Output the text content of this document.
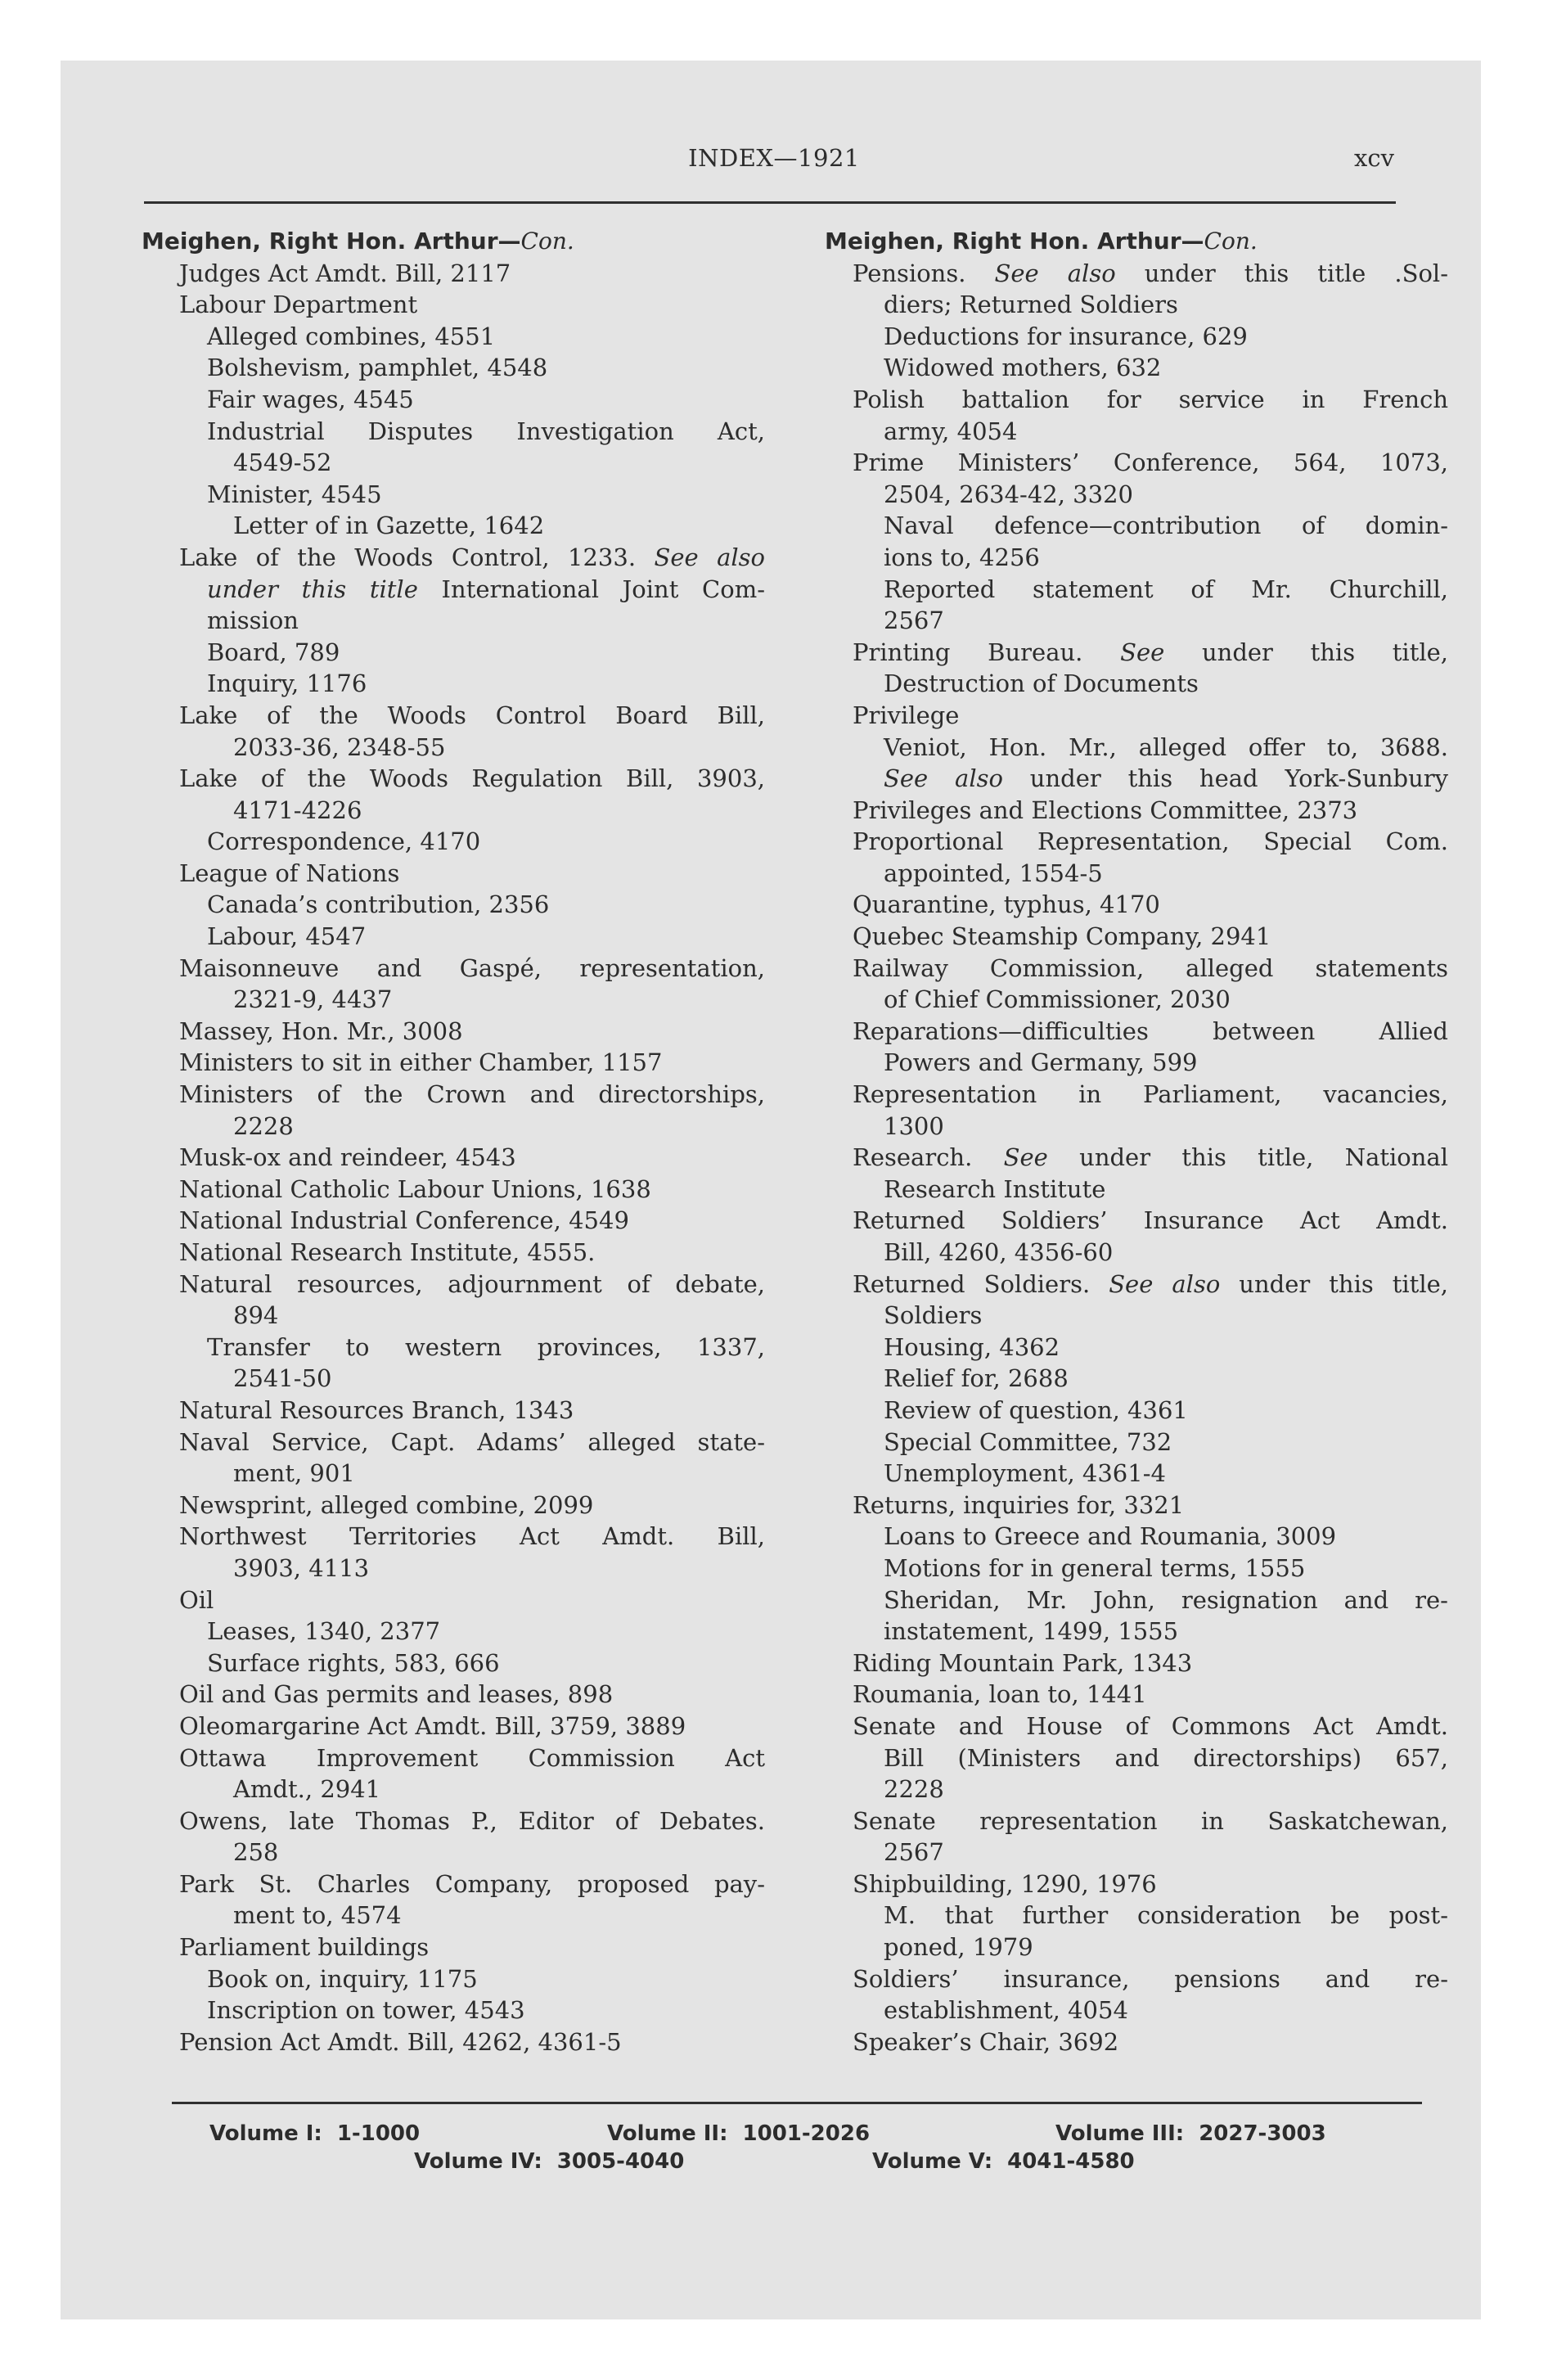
INDEX—1921	xcv
Meighen, Right Hon. Arthur—Con.
Judges Act Amdt. Bill, 2117
Labour Department
Alleged combines, 4551
Bolshevism, pamphlet, 4548
Fair wages, 4545
Industrial Disputes Investigation Act,
4549-52
Minister, 4545
Letter of in Gazette, 1642
Lake of the Woods Control, 1233. See also
under this title International Joint Com-
mission
Board, 789
Inquiry, 1176
Lake of the Woods Control Board Bill,
2033-36, 2348-55
Lake of the Woods Regulation Bill, 3903,
4171-4226
Correspondence, 4170
League of Nations
Canada’s contribution, 2356
Labour, 4547
Maisonneuve and Gaspé, representation,
2321-9, 4437
Massey, Hon. Mr., 3008
Ministers to sit in either Chamber, 1157
Ministers of the Crown and directorships,
2228
Musk-ox and reindeer, 4543
National Catholic Labour Unions, 1638
National Industrial Conference, 4549
National Research Institute, 4555.
Natural resources, adjournment of debate,
894
Transfer to western provinces, 1337,
2541-50
Natural Resources Branch, 1343
Naval Service, Capt. Adams’ alleged state-
ment, 901
Newsprint, alleged combine, 2099
Northwest Territories Act Amdt. Bill,
3903, 4113
Oil
Leases, 1340, 2377
Surface rights, 583, 666
Oil and Gas permits and leases, 898
Oleomargarine Act Amdt. Bill, 3759, 3889
Ottawa Improvement Commission Act
Amdt., 2941
Owens, late Thomas P., Editor of Debates.
258
Park St. Charles Company, proposed pay-
ment to, 4574
Parliament buildings
Book on, inquiry, 1175
Inscription on tower, 4543
Pension Act Amdt. Bill, 4262, 4361-5
Meighen, Right Hon. Arthur—Con.
Pensions. See also under this title .Sol-
diers; Returned Soldiers
Deductions for insurance, 629
Widowed mothers, 632
Polish battalion for service in French
army, 4054
Prime Ministers’ Conference, 564, 1073,
2504, 2634-42, 3320
Naval defence—contribution of domin-
ions to, 4256
Reported statement of Mr. Churchill,
2567
Printing Bureau. See under this title,
Destruction of Documents
Privilege
Veniot, Hon. Mr., alleged offer to, 3688.
See also under this head York-Sunbury
Privileges and Elections Committee, 2373
Proportional Representation, Special Com.
appointed, 1554-5
Quarantine, typhus, 4170
Quebec Steamship Company, 2941
Railway Commission, alleged statements
of Chief Commissioner, 2030
Reparations—difficulties between Allied
Powers and Germany, 599
Representation in Parliament, vacancies,
1300
Research. See under this title, National
Research Institute
Returned Soldiers’ Insurance Act Amdt.
Bill, 4260, 4356-60
Returned Soldiers. See also under this title,
Soldiers
Housing, 4362
Relief for, 2688
Review of question, 4361
Special Committee, 732
Unemployment, 4361-4
Returns, inquiries for, 3321
Loans to Greece and Roumania, 3009
Motions for in general terms, 1555
Sheridan, Mr. John, resignation and re-
instatement, 1499, 1555
Riding Mountain Park, 1343
Roumania, loan to, 1441
Senate and House of Commons Act Amdt.
Bill (Ministers and directorships) 657,
2228
Senate representation in Saskatchewan,
2567
Shipbuilding, 1290, 1976
M. that further consideration be post-
poned, 1979
Soldiers’ insurance, pensions and re-
establishment, 4054
Speaker’s Chair, 3692
Volume I: 1-1000	Volume II: 1001-2026	Volume III: 2027-3003
Volume IV: 3005-4040	Volume V: 4041-4580
